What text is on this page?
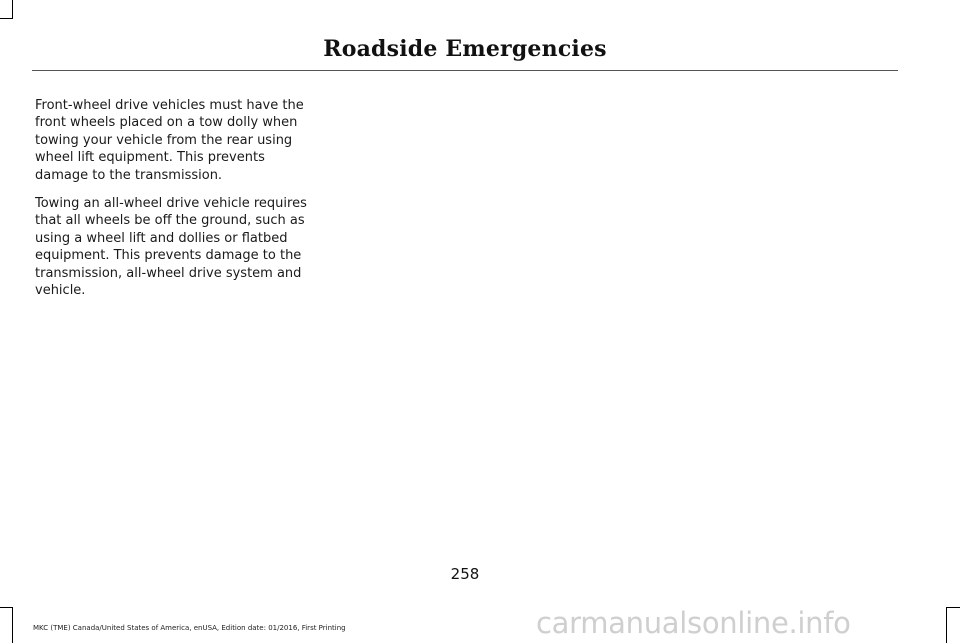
Roadside Emergencies

Front-wheel drive vehicles must have the front wheels placed on a tow dolly when towing your vehicle from the rear using wheel lift equipment. This prevents damage to the transmission.

Towing an all-wheel drive vehicle requires that all wheels be off the ground, such as using a wheel lift and dollies or flatbed equipment. This prevents damage to the transmission, all-wheel drive system and vehicle.

258
MKC (TME) Canada/United States of America, enUSA, Edition date: 01/2016, First Printing	carmanualsonline.info
